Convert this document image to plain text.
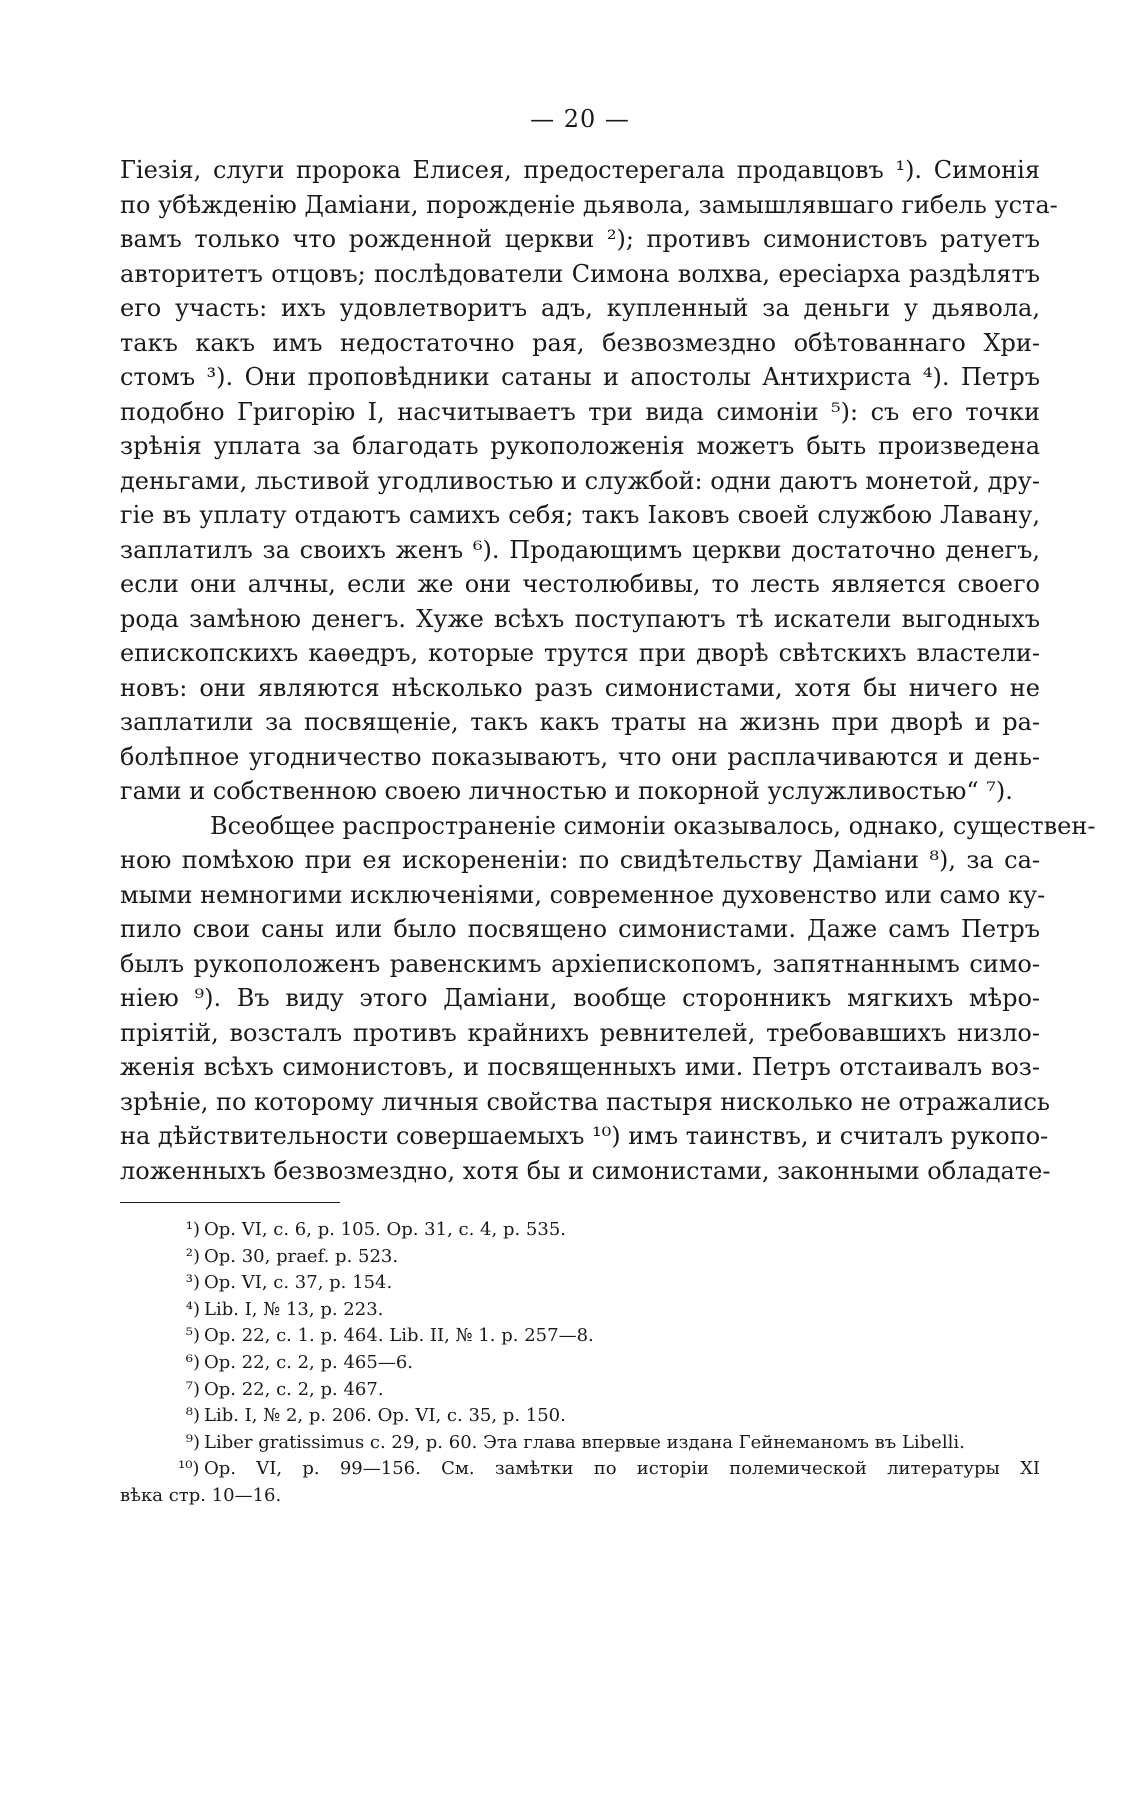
— 20 —

Гіезія, слуги пророка Елисея, предостерегала продавцовъ ¹). Симонія
по убѣжденію Даміани, порожденіе дьявола, замышлявшаго гибель уста-
вамъ только что рожденной церкви ²); противъ симонистовъ ратуетъ
авторитетъ отцовъ; послѣдователи Симона волхва, ересіарха раздѣлятъ
его участь: ихъ удовлетворитъ адъ, купленный за деньги у дьявола,
такъ какъ имъ недостаточно рая, безвозмездно обѣтованнаго Хри-
стомъ ³). Они проповѣдники сатаны и апостолы Антихриста ⁴). Петръ
подобно Григорію I, насчитываетъ три вида симоніи ⁵): съ его точки
зрѣнія уплата за благодать рукоположенія можетъ быть произведена
деньгами, льстивой угодливостью и службой: одни даютъ монетой, дру-
гіе въ уплату отдаютъ самихъ себя; такъ Іаковъ своей службою Лавану,
заплатилъ за своихъ женъ ⁶). Продающимъ церкви достаточно денегъ,
если они алчны, если же они честолюбивы, то лесть является своего
рода замѣною денегъ. Хуже всѣхъ поступаютъ тѣ искатели выгодныхъ
епископскихъ каѳедръ, которые трутся при дворѣ свѣтскихъ властели-
новъ: они являются нѣсколько разъ симонистами, хотя бы ничего не
заплатили за посвященіе, такъ какъ траты на жизнь при дворѣ и ра-
болѣпное угодничество показываютъ, что они расплачиваются и день-
гами и собственною своею личностью и покорной услужливостью“ ⁷).

Всеобщее распространеніе симоніи оказывалось, однако, существен-
ною помѣхою при ея искорененіи: по свидѣтельству Даміани ⁸), за са-
мыми немногими исключеніями, современное духовенство или само ку-
пило свои саны или было посвящено симонистами. Даже самъ Петръ
былъ рукоположенъ равенскимъ архіепископомъ, запятнаннымъ симо-
ніею ⁹). Въ виду этого Даміани, вообще сторонникъ мягкихъ мѣро-
пріятій, возсталъ противъ крайнихъ ревнителей, требовавшихъ низло-
женія всѣхъ симонистовъ, и посвященныхъ ими. Петръ отстаивалъ воз-
зрѣніе, по которому личныя свойства пастыря нисколько не отражались
на дѣйствительности совершаемыхъ ¹⁰) имъ таинствъ, и считалъ рукопо-
ложенныхъ безвозмездно, хотя бы и симонистами, законными обладате-

¹) Op. VI, c. 6, p. 105. Op. 31, c. 4, p. 535.
²) Op. 30, praef. p. 523.
³) Op. VI, c. 37, p. 154.
⁴) Lib. I, № 13, p. 223.
⁵) Op. 22, c. 1. p. 464. Lib. II, № 1. p. 257—8.
⁶) Op. 22, c. 2, p. 465—6.
⁷) Op. 22, c. 2, p. 467.
⁸) Lib. I, № 2, p. 206. Op. VI, c. 35, p. 150.
⁹) Liber gratissimus c. 29, p. 60. Эта глава впервые издана Гейнеманомъ въ Libelli.
¹⁰) Op. VI, p. 99—156. См. замѣтки по исторіи полемической литературы XI
вѣка стр. 10—16.
